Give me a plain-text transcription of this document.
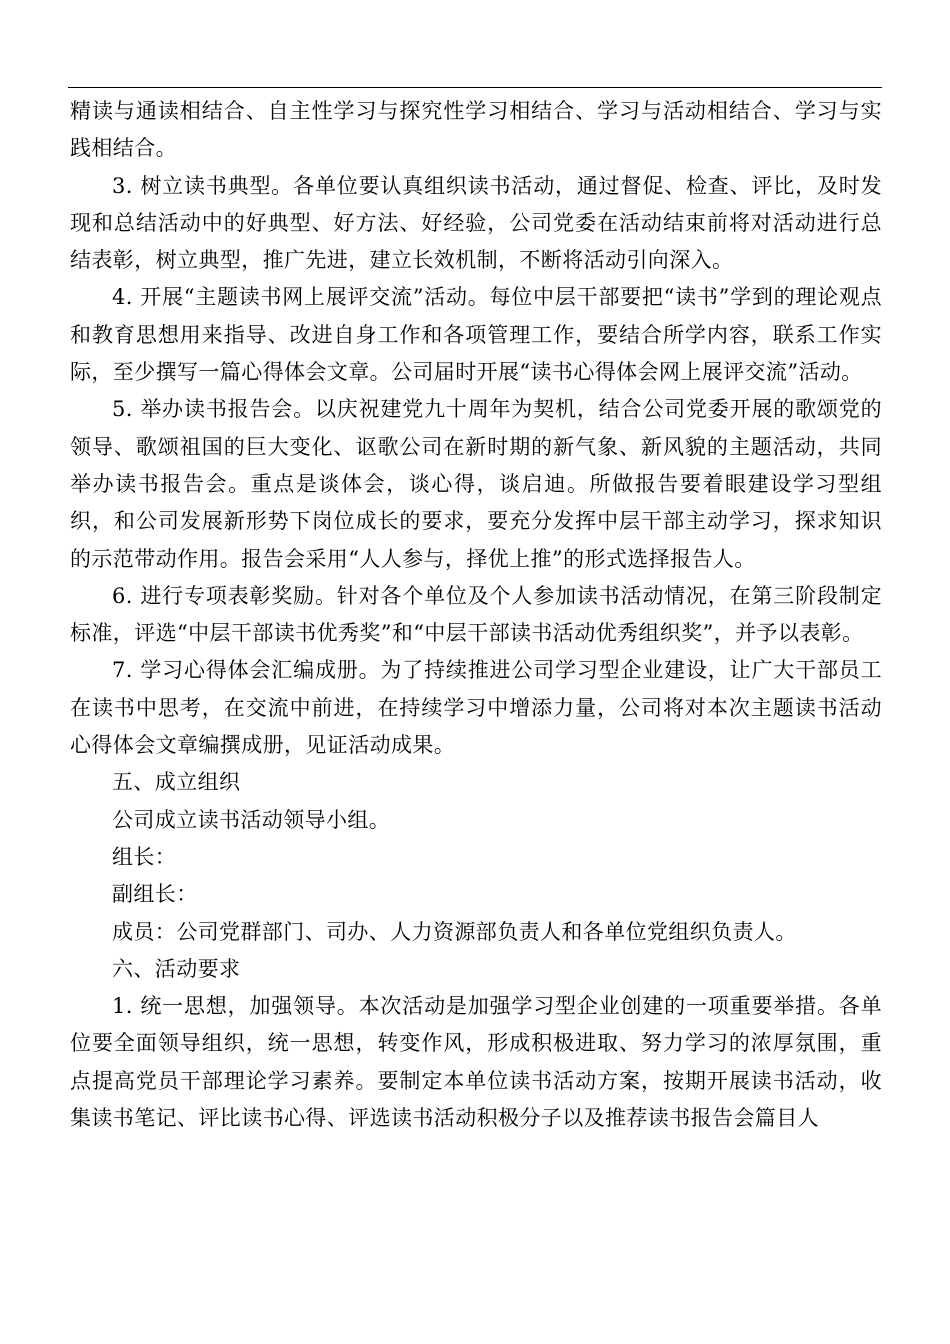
精读与通读相结合、自主性学习与探究性学习相结合、学习与活动相结合、学习与实践相结合。

3. 树立读书典型。各单位要认真组织读书活动，通过督促、检查、评比，及时发现和总结活动中的好典型、好方法、好经验，公司党委在活动结束前将对活动进行总结表彰，树立典型，推广先进，建立长效机制，不断将活动引向深入。

4. 开展“主题读书网上展评交流”活动。每位中层干部要把“读书”学到的理论观点和教育思想用来指导、改进自身工作和各项管理工作，要结合所学内容，联系工作实际，至少撰写一篇心得体会文章。公司届时开展“读书心得体会网上展评交流”活动。

5. 举办读书报告会。以庆祝建党九十周年为契机，结合公司党委开展的歌颂党的领导、歌颂祖国的巨大变化、讴歌公司在新时期的新气象、新风貌的主题活动，共同举办读书报告会。重点是谈体会，谈心得，谈启迪。所做报告要着眼建设学习型组织，和公司发展新形势下岗位成长的要求，要充分发挥中层干部主动学习，探求知识的示范带动作用。报告会采用“人人参与，择优上推”的形式选择报告人。

6. 进行专项表彰奖励。针对各个单位及个人参加读书活动情况，在第三阶段制定标准，评选“中层干部读书优秀奖”和“中层干部读书活动优秀组织奖”，并予以表彰。

7. 学习心得体会汇编成册。为了持续推进公司学习型企业建设，让广大干部员工在读书中思考，在交流中前进，在持续学习中增添力量，公司将对本次主题读书活动心得体会文章编撰成册，见证活动成果。

五、成立组织

公司成立读书活动领导小组。

组长：

副组长：

成员：公司党群部门、司办、人力资源部负责人和各单位党组织负责人。

六、活动要求

1. 统一思想，加强领导。本次活动是加强学习型企业创建的一项重要举措。各单位要全面领导组织，统一思想，转变作风，形成积极进取、努力学习的浓厚氛围，重点提高党员干部理论学习素养。要制定本单位读书活动方案，按期开展读书活动，收集读书笔记、评比读书心得、评选读书活动积极分子以及推荐读书报告会篇目人
